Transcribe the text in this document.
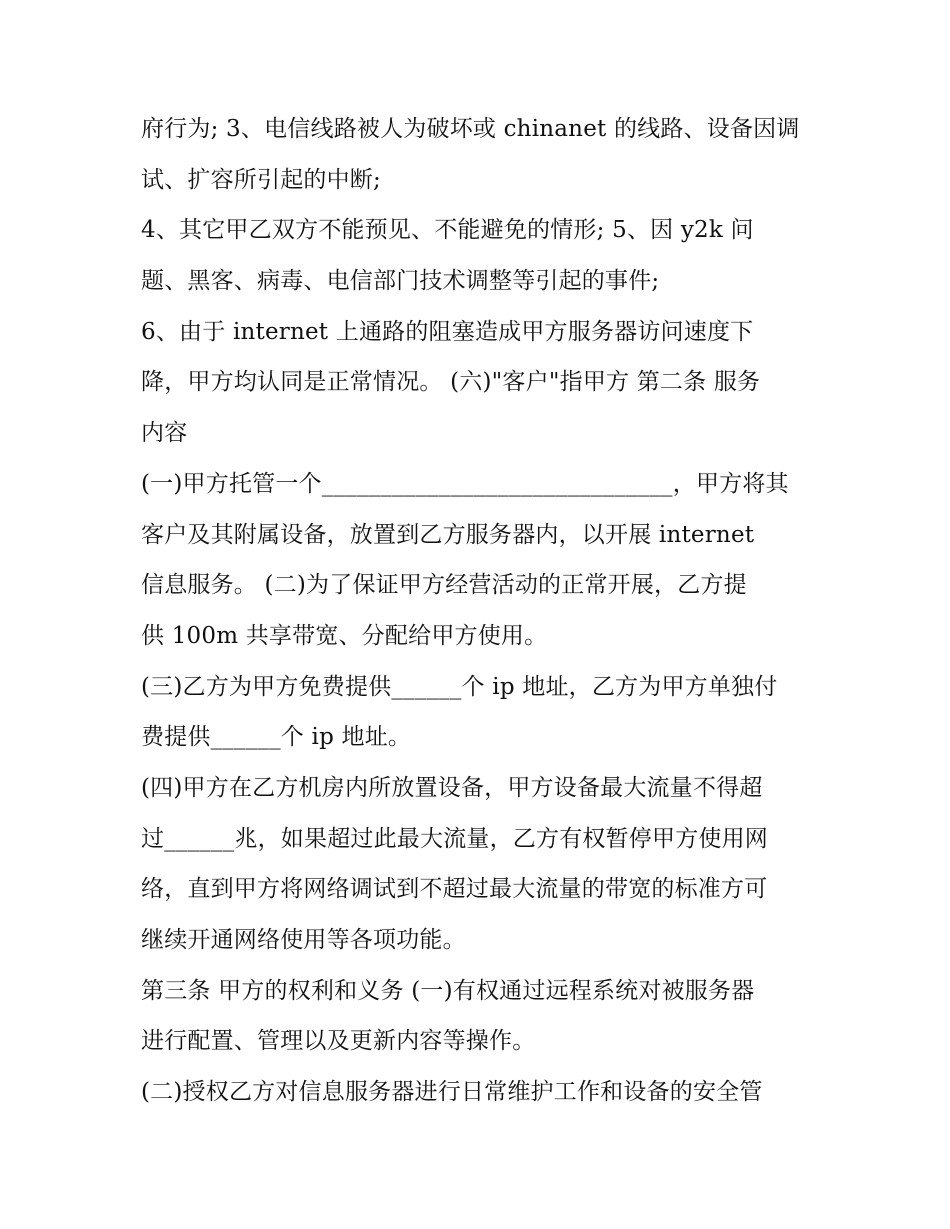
府行为; 3、电信线路被人为破坏或 chinanet 的线路、设备因调
试、扩容所引起的中断;
4、其它甲乙双方不能预见、不能避免的情形; 5、因 y2k 问
题、黑客、病毒、电信部门技术调整等引起的事件;
6、由于 internet 上通路的阻塞造成甲方服务器访问速度下
降，甲方均认同是正常情况。 (六)"客户"指甲方 第二条 服务
内容
(一)甲方托管一个______________________________，甲方将其
客户及其附属设备，放置到乙方服务器内，以开展 internet
信息服务。 (二)为了保证甲方经营活动的正常开展，乙方提
供 100m 共享带宽、分配给甲方使用。
(三)乙方为甲方免费提供______个 ip 地址，乙方为甲方单独付
费提供______个 ip 地址。
(四)甲方在乙方机房内所放置设备，甲方设备最大流量不得超
过______兆，如果超过此最大流量，乙方有权暂停甲方使用网
络，直到甲方将网络调试到不超过最大流量的带宽的标准方可
继续开通网络使用等各项功能。
第三条 甲方的权利和义务 (一)有权通过远程系统对被服务器
进行配置、管理以及更新内容等操作。
(二)授权乙方对信息服务器进行日常维护工作和设备的安全管
